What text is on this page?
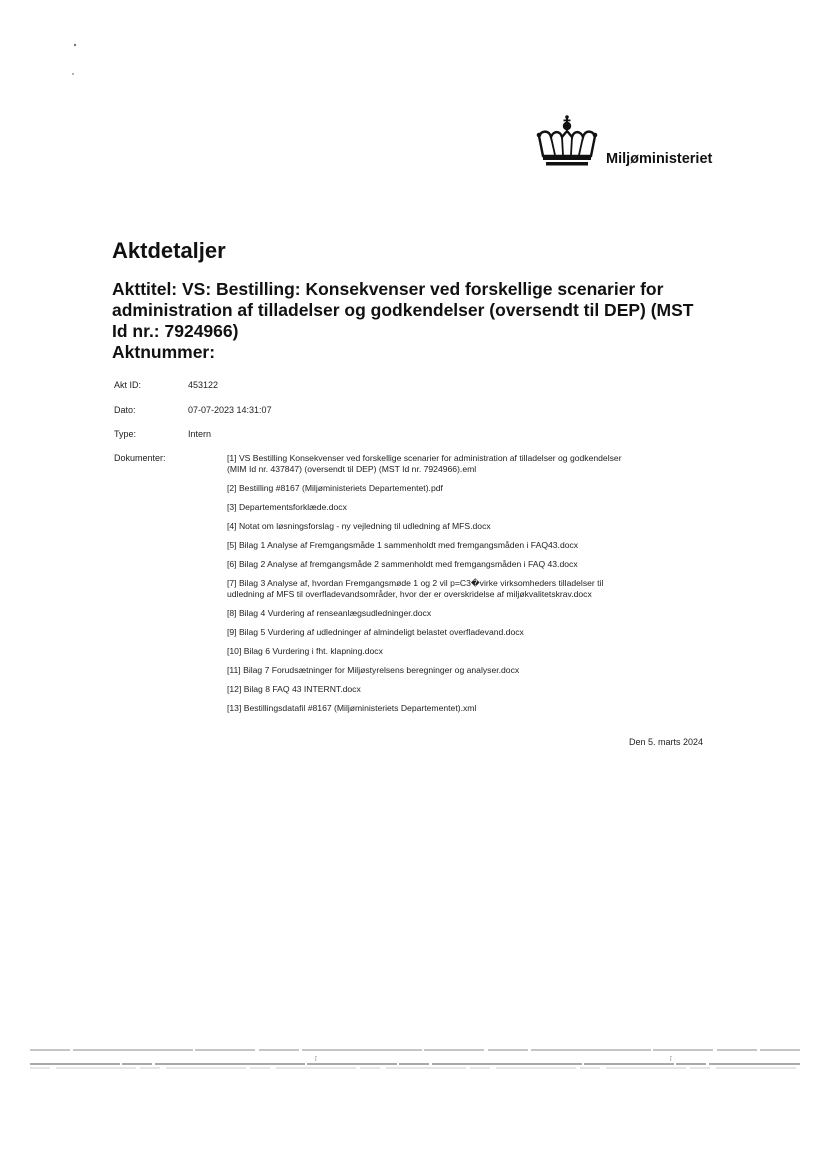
Miljøministeriet
Aktdetaljer
Akttitel: VS: Bestilling: Konsekvenser ved forskellige scenarier for
administration af tilladelser og godkendelser (oversendt til DEP) (MST
Id nr.: 7924966)
Aktnummer:
Akt ID:	453122
Dato:	07-07-2023 14:31:07
Type:	Intern
Dokumenter:	[1] VS Bestilling Konsekvenser ved forskellige scenarier for administration af tilladelser og godkendelser
(MIM Id nr. 437847) (oversendt til DEP) (MST Id nr. 7924966).eml
[2] Bestilling #8167 (Miljøministeriets Departementet).pdf
[3] Departementsforklæde.docx
[4] Notat om løsningsforslag - ny vejledning til udledning af MFS.docx
[5] Bilag 1 Analyse af Fremgangsmåde 1 sammenholdt med fremgangsmåden i FAQ43.docx
[6] Bilag 2 Analyse af fremgangsmåde 2 sammenholdt med fremgangsmåden i FAQ 43.docx
[7] Bilag 3 Analyse af, hvordan Fremgangsmøde 1 og 2 vil p=C3�virke virksomheders tilladelser til
udledning af MFS til overfladevandsområder, hvor der er overskridelse af miljøkvalitetskrav.docx
[8] Bilag 4 Vurdering af renseanlægsudledninger.docx
[9] Bilag 5 Vurdering af udledninger af almindeligt belastet overfladevand.docx
[10] Bilag 6 Vurdering i fht. klapning.docx
[11] Bilag 7 Forudsætninger for Miljøstyrelsens beregninger og analyser.docx
[12] Bilag 8 FAQ 43 INTERNT.docx
[13] Bestillingsdatafil #8167 (Miljøministeriets Departementet).xml
Den 5. marts 2024
ĭ	ĭ
